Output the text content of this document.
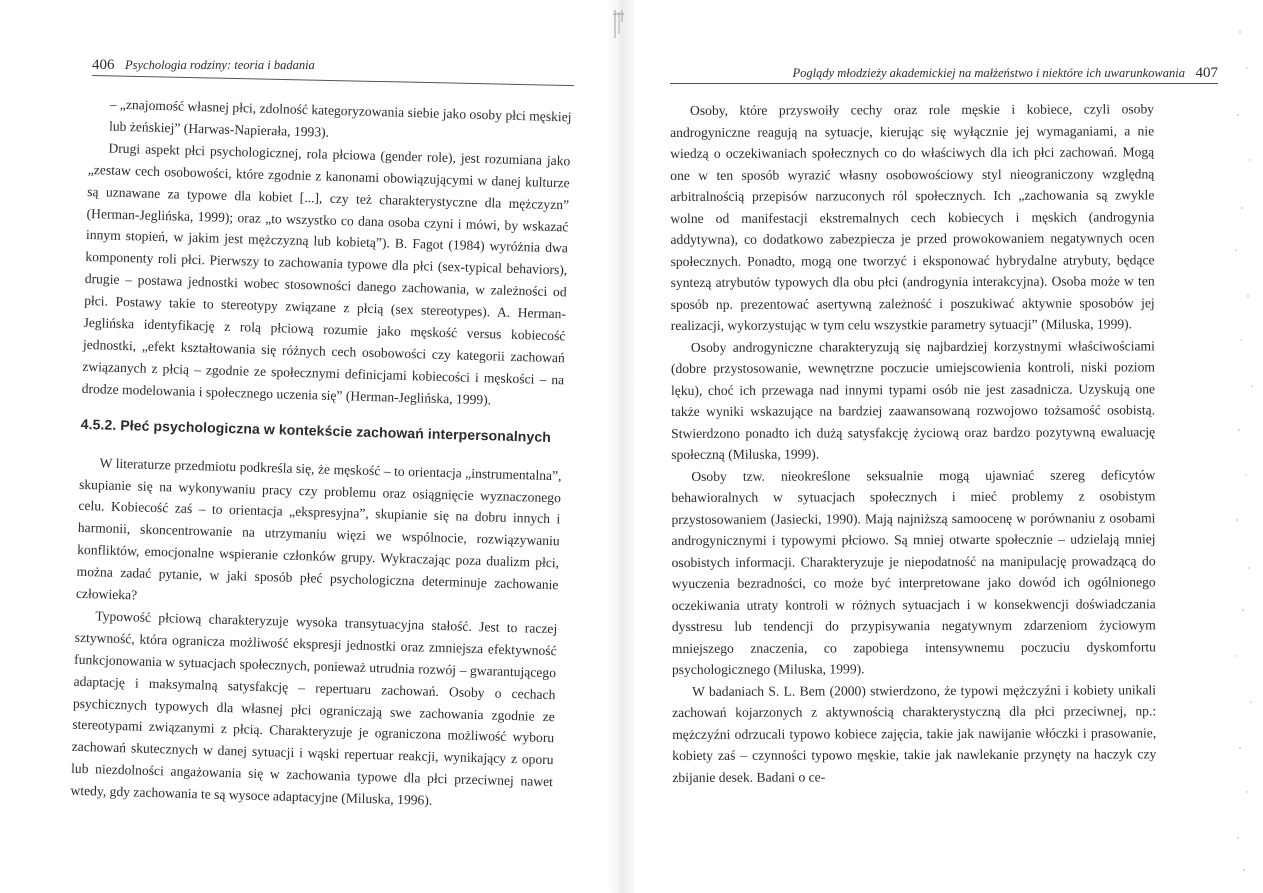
406 Psychologia rodziny: teoria i badania

– „znajomość własnej płci, zdolność kategoryzowania siebie jako osoby płci męskiej lub żeńskiej” (Harwas-Napierała, 1993).

Drugi aspekt płci psychologicznej, rola płciowa (gender role), jest rozumiana jako „zestaw cech osobowości, które zgodnie z kanonami obowiązującymi w danej kulturze są uznawane za typowe dla kobiet [...], czy też charakterystyczne dla mężczyzn” (Herman-Jeglińska, 1999); oraz „to wszystko co dana osoba czyni i mówi, by wskazać innym stopień, w jakim jest mężczyzną lub kobietą”). B. Fagot (1984) wyróżnia dwa komponenty roli płci. Pierwszy to zachowania typowe dla płci (sex-typical behaviors), drugie – postawa jednostki wobec stosowności danego zachowania, w zależności od płci. Postawy takie to stereotypy związane z płcią (sex stereotypes). A. Herman-Jeglińska identyfikację z rolą płciową rozumie jako męskość versus kobiecość jednostki, „efekt kształtowania się różnych cech osobowości czy kategorii zachowań związanych z płcią – zgodnie ze społecznymi definicjami kobiecości i męskości – na drodze modelowania i społecznego uczenia się” (Herman-Jeglińska, 1999).

4.5.2. Płeć psychologiczna w kontekście zachowań interpersonalnych

W literaturze przedmiotu podkreśla się, że męskość – to orientacja „instrumentalna”, skupianie się na wykonywaniu pracy czy problemu oraz osiągnięcie wyznaczonego celu. Kobiecość zaś – to orientacja „ekspresyjna”, skupianie się na dobru innych i harmonii, skoncentrowanie na utrzymaniu więzi we wspólnocie, rozwiązywaniu konfliktów, emocjonalne wspieranie członków grupy. Wykraczając poza dualizm płci, można zadać pytanie, w jaki sposób płeć psychologiczna determinuje zachowanie człowieka?

Typowość płciową charakteryzuje wysoka transytuacyjna stałość. Jest to raczej sztywność, która ogranicza możliwość ekspresji jednostki oraz zmniejsza efektywność funkcjonowania w sytuacjach społecznych, ponieważ utrudnia rozwój – gwarantującego adaptację i maksymalną satysfakcję – repertuaru zachowań. Osoby o cechach psychicznych typowych dla własnej płci ograniczają swe zachowania zgodnie ze stereotypami związanymi z płcią. Charakteryzuje je ograniczona możliwość wyboru zachowań skutecznych w danej sytuacji i wąski repertuar reakcji, wynikający z oporu lub niezdolności angażowania się w zachowania typowe dla płci przeciwnej nawet wtedy, gdy zachowania te są wysoce adaptacyjne (Miluska, 1996).

Poglądy młodzieży akademickiej na małżeństwo i niektóre ich uwarunkowania 407

Osoby, które przyswoiły cechy oraz role męskie i kobiece, czyli osoby androgyniczne reagują na sytuacje, kierując się wyłącznie jej wymaganiami, a nie wiedzą o oczekiwaniach społecznych co do właściwych dla ich płci zachowań. Mogą one w ten sposób wyrazić własny osobowościowy styl nieograniczony względną arbitralnością przepisów narzuconych ról społecznych. Ich „zachowania są zwykle wolne od manifestacji ekstremalnych cech kobiecych i męskich (androgynia addytywna), co dodatkowo zabezpiecza je przed prowokowaniem negatywnych ocen społecznych. Ponadto, mogą one tworzyć i eksponować hybrydalne atrybuty, będące syntezą atrybutów typowych dla obu płci (androgynia interakcyjna). Osoba może w ten sposób np. prezentować asertywną zależność i poszukiwać aktywnie sposobów jej realizacji, wykorzystując w tym celu wszystkie parametry sytuacji” (Miluska, 1999).

Osoby androgyniczne charakteryzują się najbardziej korzystnymi właściwościami (dobre przystosowanie, wewnętrzne poczucie umiejscowienia kontroli, niski poziom lęku), choć ich przewaga nad innymi typami osób nie jest zasadnicza. Uzyskują one także wyniki wskazujące na bardziej zaawansowaną rozwojowo tożsamość osobistą. Stwierdzono ponadto ich dużą satysfakcję życiową oraz bardzo pozytywną ewaluację społeczną (Miluska, 1999).

Osoby tzw. nieokreślone seksualnie mogą ujawniać szereg deficytów behawioralnych w sytuacjach społecznych i mieć problemy z osobistym przystosowaniem (Jasiecki, 1990). Mają najniższą samoocenę w porównaniu z osobami androgynicznymi i typowymi płciowo. Są mniej otwarte społecznie – udzielają mniej osobistych informacji. Charakteryzuje je niepodatność na manipulację prowadzącą do wyuczenia bezradności, co może być interpretowane jako dowód ich ogólnionego oczekiwania utraty kontroli w różnych sytuacjach i w konsekwencji doświadczania dysstresu lub tendencji do przypisywania negatywnym zdarzeniom życiowym mniejszego znaczenia, co zapobiega intensywnemu poczuciu dyskomfortu psychologicznego (Miluska, 1999).

W badaniach S. L. Bem (2000) stwierdzono, że typowi mężczyźni i kobiety unikali zachowań kojarzonych z aktywnością charakterystyczną dla płci przeciwnej, np.: mężczyźni odrzucali typowo kobiece zajęcia, takie jak nawijanie włóczki i prasowanie, kobiety zaś – czynności typowo męskie, takie jak nawlekanie przynęty na haczyk czy zbijanie desek. Badani o ce-
